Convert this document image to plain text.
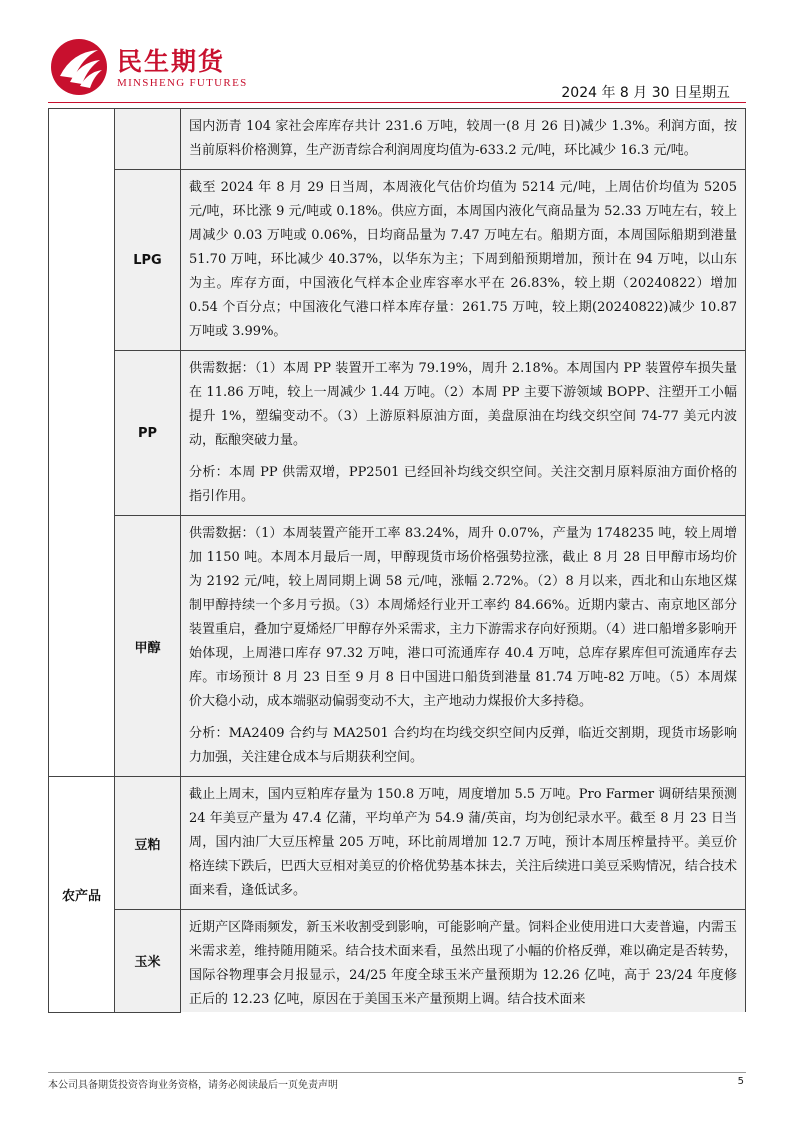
民生期货
MINSHENG FUTURES
2024 年 8 月 30 日星期五

		国内沥青 104 家社会库库存共计 231.6 万吨，较周一(8 月 26 日)减少 1.3%。利润方面，按当前原料价格测算，生产沥青综合利润周度均值为-633.2 元/吨，环比减少 16.3 元/吨。

	LPG	截至 2024 年 8 月 29 日当周，本周液化气估价均值为 5214 元/吨，上周估价均值为 5205 元/吨，环比涨 9 元/吨或 0.18%。供应方面，本周国内液化气商品量为 52.33 万吨左右，较上周减少 0.03 万吨或 0.06%，日均商品量为 7.47 万吨左右。船期方面，本周国际船期到港量 51.70 万吨，环比减少 40.37%，以华东为主；下周到船预期增加，预计在 94 万吨，以山东为主。库存方面，中国液化气样本企业库容率水平在 26.83%，较上期（20240822）增加 0.54 个百分点；中国液化气港口样本库存量：261.75 万吨，较上期(20240822)减少 10.87 万吨或 3.99%。

	PP	供需数据：（1）本周 PP 装置开工率为 79.19%，周升 2.18%。本周国内 PP 装置停车损失量在 11.86 万吨，较上一周减少 1.44 万吨。（2）本周 PP 主要下游领域 BOPP、注塑开工小幅提升 1%，塑编变动不。（3）上游原料原油方面，美盘原油在均线交织空间 74-77 美元内波动，酝酿突破力量。

分析：本周 PP 供需双增，PP2501 已经回补均线交织空间。关注交割月原料原油方面价格的指引作用。

	甲醇	供需数据：（1）本周装置产能开工率 83.24%，周升 0.07%，产量为 1748235 吨，较上周增加 1150 吨。本周本月最后一周，甲醇现货市场价格强势拉涨，截止 8 月 28 日甲醇市场均价为 2192 元/吨，较上周同期上调 58 元/吨，涨幅 2.72%。（2）8 月以来，西北和山东地区煤制甲醇持续一个多月亏损。（3）本周烯烃行业开工率约 84.66%。近期内蒙古、南京地区部分装置重启，叠加宁夏烯烃厂甲醇存外采需求，主力下游需求存向好预期。（4）进口船增多影响开始体现，上周港口库存 97.32 万吨，港口可流通库存 40.4 万吨，总库存累库但可流通库存去库。市场预计 8 月 23 日至 9 月 8 日中国进口船货到港量 81.74 万吨-82 万吨。（5）本周煤价大稳小动，成本端驱动偏弱变动不大，主产地动力煤报价大多持稳。

分析：MA2409 合约与 MA2501 合约均在均线交织空间内反弹，临近交割期，现货市场影响力加强，关注建仓成本与后期获利空间。

农产品	豆粕	截止上周末，国内豆粕库存量为 150.8 万吨，周度增加 5.5 万吨。Pro Farmer 调研结果预测 24 年美豆产量为 47.4 亿蒲，平均单产为 54.9 蒲/英亩，均为创纪录水平。截至 8 月 23 日当周，国内油厂大豆压榨量 205 万吨，环比前周增加 12.7 万吨，预计本周压榨量持平。美豆价格连续下跌后，巴西大豆相对美豆的价格优势基本抹去，关注后续进口美豆采购情况，结合技术面来看，逢低试多。

	玉米	近期产区降雨频发，新玉米收割受到影响，可能影响产量。饲料企业使用进口大麦普遍，内需玉米需求差，维持随用随采。结合技术面来看，虽然出现了小幅的价格反弹，难以确定是否转势，国际谷物理事会月报显示，24/25 年度全球玉米产量预期为 12.26 亿吨，高于 23/24 年度修正后的 12.23 亿吨，原因在于美国玉米产量预期上调。结合技术面来

本公司具备期货投资咨询业务资格，请务必阅读最后一页免责声明	5
